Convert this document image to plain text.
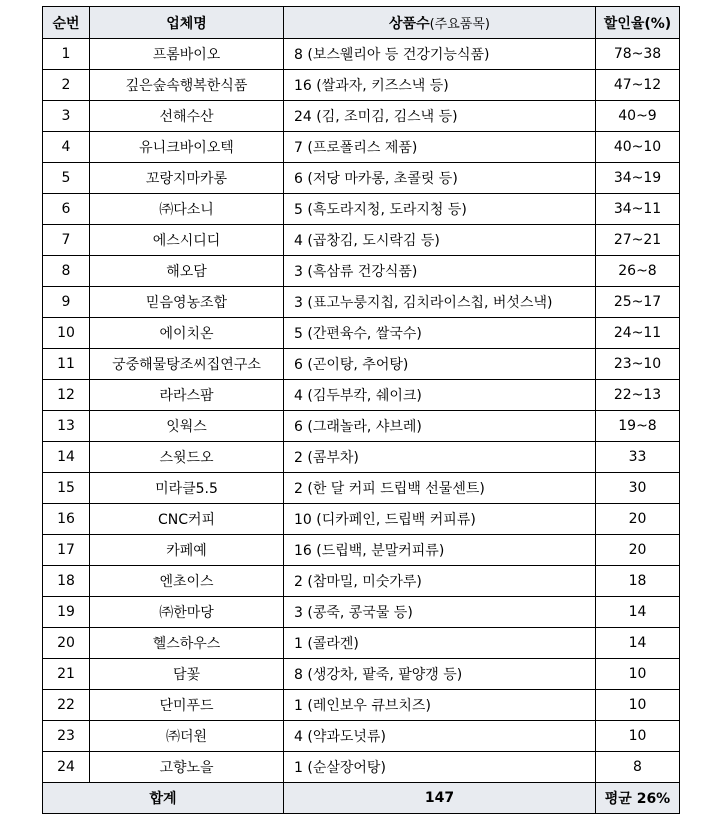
순번	업체명	상품수(주요품목)	할인율(%)
1	프롬바이오	8 (보스웰리아 등 건강기능식품)	78~38
2	깊은숲속행복한식품	16 (쌀과자, 키즈스낵 등)	47~12
3	선해수산	24 (김, 조미김, 김스낵 등)	40~9
4	유니크바이오텍	7 (프로폴리스 제품)	40~10
5	꼬랑지마카롱	6 (저당 마카롱, 초콜릿 등)	34~19
6	㈜다소니	5 (흑도라지청, 도라지청 등)	34~11
7	에스시디디	4 (곱창김, 도시락김 등)	27~21
8	해오담	3 (흑삼류 건강식품)	26~8
9	믿음영농조합	3 (표고누룽지칩, 김치라이스칩, 버섯스낵)	25~17
10	에이치온	5 (간편육수, 쌀국수)	24~11
11	궁중해물탕조씨집연구소	6 (곤이탕, 추어탕)	23~10
12	라라스팜	4 (김두부칵, 쉐이크)	22~13
13	잇웍스	6 (그래놀라, 샤브레)	19~8
14	스윗드오	2 (콤부차)	33
15	미라클5.5	2 (한 달 커피 드립백 선물센트)	30
16	CNC커피	10 (디카페인, 드립백 커피류)	20
17	카페예	16 (드립백, 분말커피류)	20
18	엔초이스	2 (참마밀, 미숫가루)	18
19	㈜한마당	3 (콩죽, 콩국물 등)	14
20	헬스하우스	1 (콜라겐)	14
21	담꽃	8 (생강차, 팥죽, 팥양갱 등)	10
22	단미푸드	1 (레인보우 큐브치즈)	10
23	㈜더원	4 (약과도넛류)	10
24	고향노을	1 (순살장어탕)	8
합계		147	평균 26%
